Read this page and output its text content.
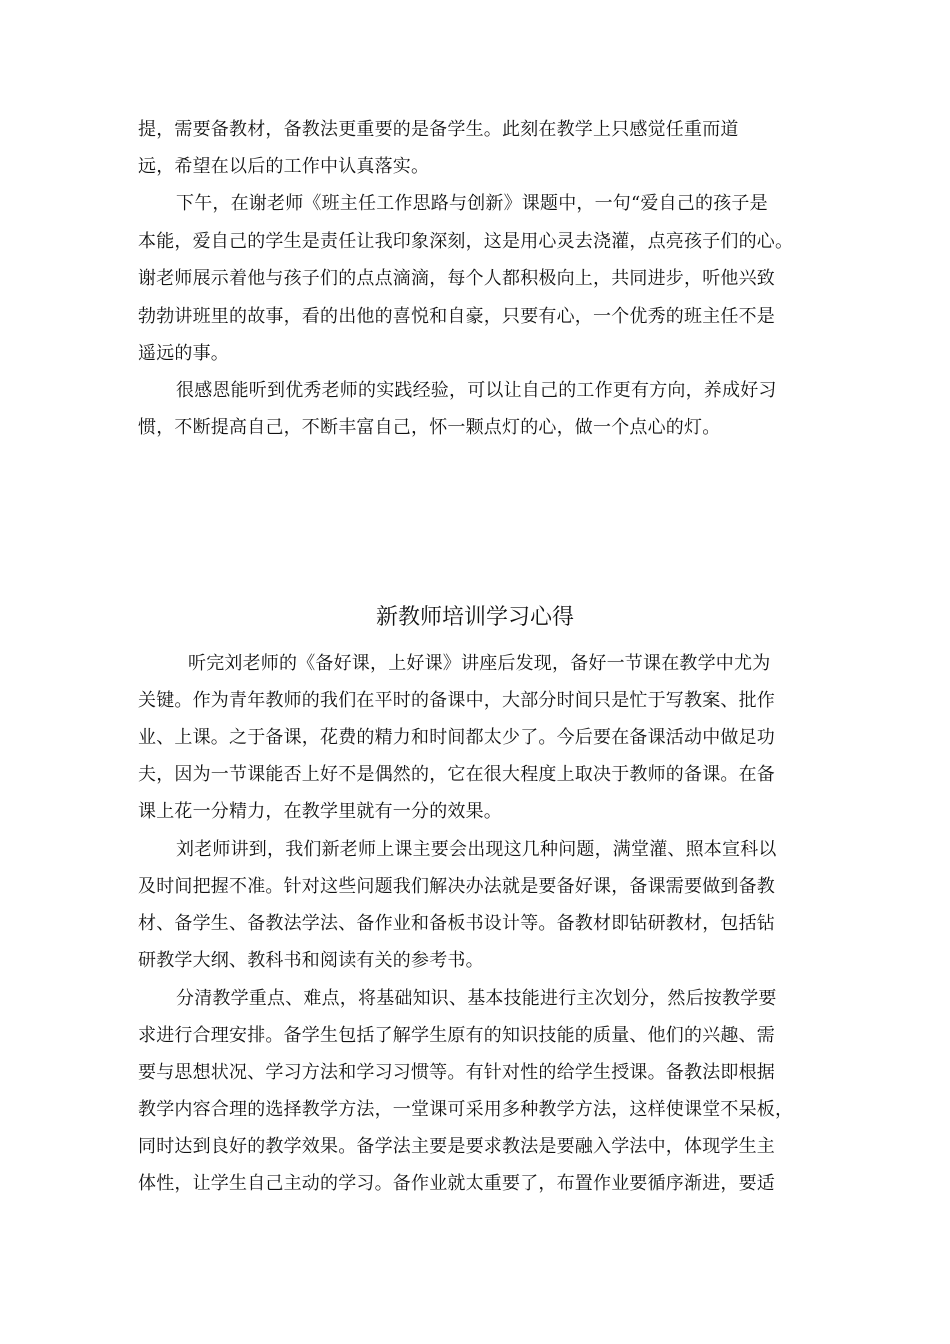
提，需要备教材，备教法更重要的是备学生。此刻在教学上只感觉任重而道
远，希望在以后的工作中认真落实。
下午，在谢老师《班主任工作思路与创新》课题中，一句“爱自己的孩子是
本能，爱自己的学生是责任让我印象深刻，这是用心灵去浇灌，点亮孩子们的心。
谢老师展示着他与孩子们的点点滴滴，每个人都积极向上，共同进步，听他兴致
勃勃讲班里的故事，看的出他的喜悦和自豪，只要有心，一个优秀的班主任不是
遥远的事。
很感恩能听到优秀老师的实践经验，可以让自己的工作更有方向，养成好习
惯，不断提高自己，不断丰富自己，怀一颗点灯的心，做一个点心的灯。
新教师培训学习心得
听完刘老师的《备好课，上好课》讲座后发现，备好一节课在教学中尤为
关键。作为青年教师的我们在平时的备课中，大部分时间只是忙于写教案、批作
业、上课。之于备课，花费的精力和时间都太少了。今后要在备课活动中做足功
夫，因为一节课能否上好不是偶然的，它在很大程度上取决于教师的备课。在备
课上花一分精力，在教学里就有一分的效果。
刘老师讲到，我们新老师上课主要会出现这几种问题，满堂灌、照本宣科以
及时间把握不准。针对这些问题我们解决办法就是要备好课，备课需要做到备教
材、备学生、备教法学法、备作业和备板书设计等。备教材即钻研教材，包括钻
研教学大纲、教科书和阅读有关的参考书。
分清教学重点、难点，将基础知识、基本技能进行主次划分，然后按教学要
求进行合理安排。备学生包括了解学生原有的知识技能的质量、他们的兴趣、需
要与思想状况、学习方法和学习习惯等。有针对性的给学生授课。备教法即根据
教学内容合理的选择教学方法，一堂课可采用多种教学方法，这样使课堂不呆板，
同时达到良好的教学效果。备学法主要是要求教法是要融入学法中，体现学生主
体性，让学生自己主动的学习。备作业就太重要了，布置作业要循序渐进，要适
